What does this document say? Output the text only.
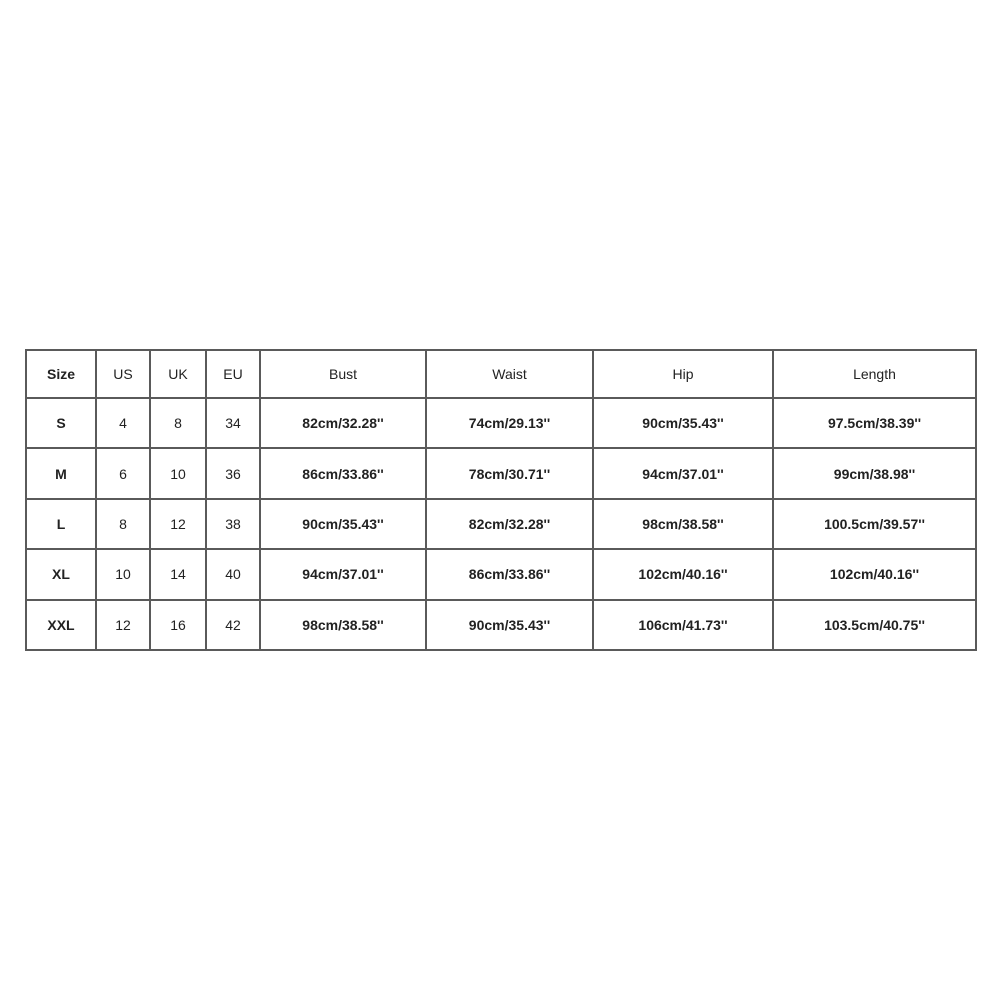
Size	US	UK	EU	Bust	Waist	Hip	Length
S	4	8	34	82cm/32.28''	74cm/29.13''	90cm/35.43''	97.5cm/38.39''
M	6	10	36	86cm/33.86''	78cm/30.71''	94cm/37.01''	99cm/38.98''
L	8	12	38	90cm/35.43''	82cm/32.28''	98cm/38.58''	100.5cm/39.57''
XL	10	14	40	94cm/37.01''	86cm/33.86''	102cm/40.16''	102cm/40.16''
XXL	12	16	42	98cm/38.58''	90cm/35.43''	106cm/41.73''	103.5cm/40.75''
